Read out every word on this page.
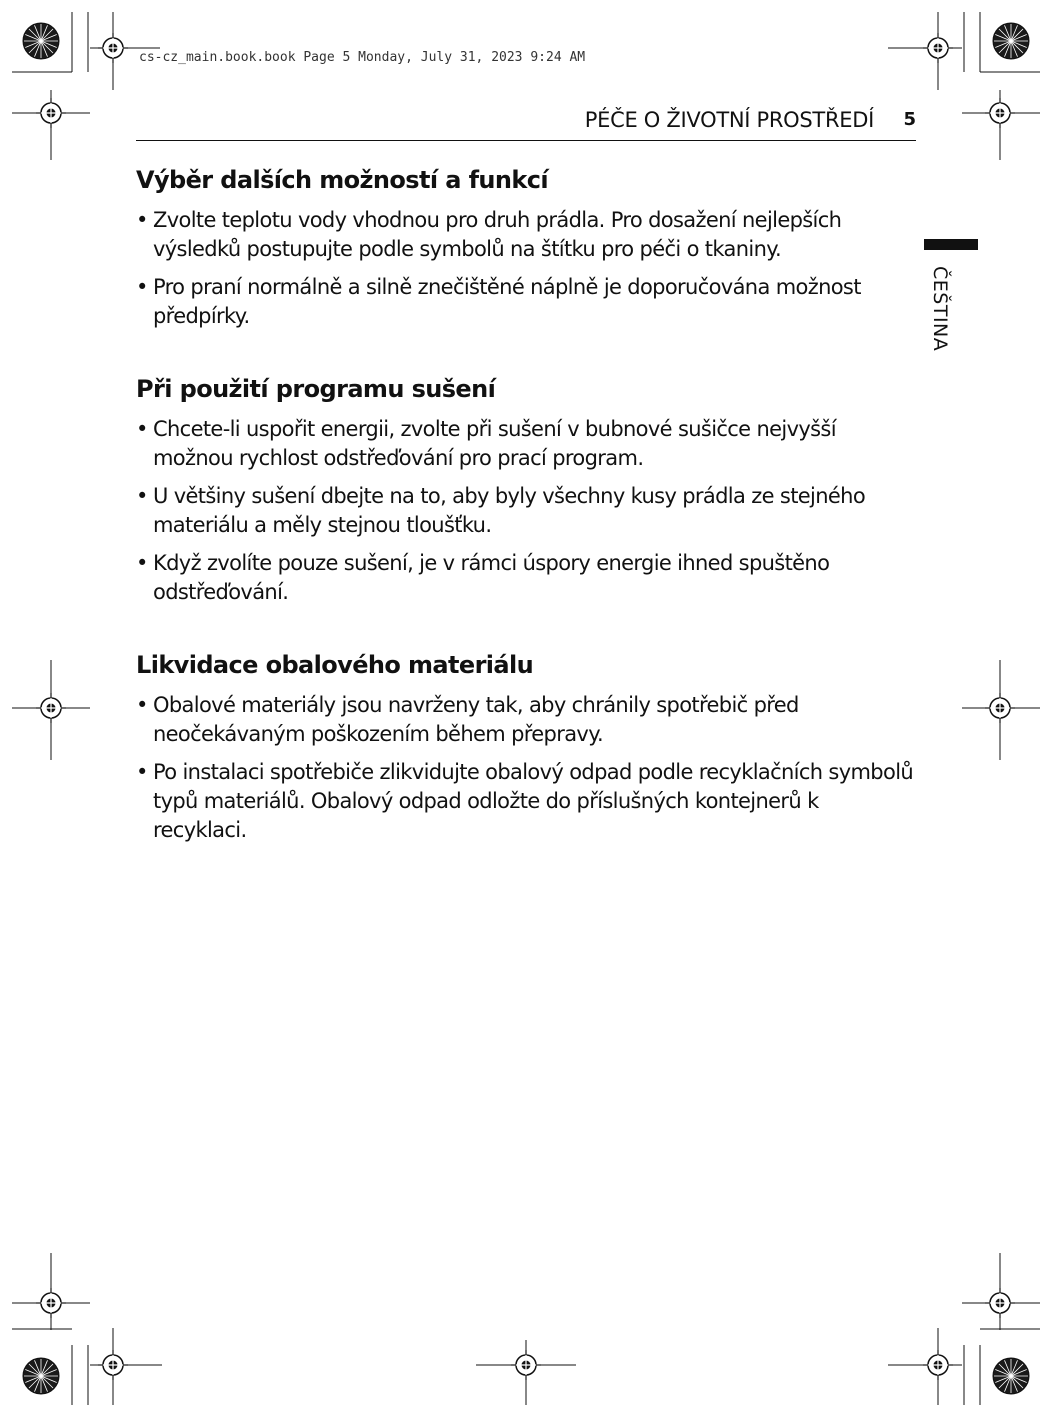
cs-cz_main.book.book Page 5 Monday, July 31, 2023 9:24 AM
PÉČE O ŽIVOTNÍ PROSTŘEDÍ 5
ČEŠTINA
Výběr dalších možností a funkcí
• Zvolte teplotu vody vhodnou pro druh prádla. Pro dosažení nejlepších výsledků postupujte podle symbolů na štítku pro péči o tkaniny.
• Pro praní normálně a silně znečištěné náplně je doporučována možnost předpírky.
Při použití programu sušení
• Chcete-li uspořit energii, zvolte při sušení v bubnové sušičce nejvyšší možnou rychlost odstřeďování pro prací program.
• U většiny sušení dbejte na to, aby byly všechny kusy prádla ze stejného materiálu a měly stejnou tloušťku.
• Když zvolíte pouze sušení, je v rámci úspory energie ihned spuštěno odstřeďování.
Likvidace obalového materiálu
• Obalové materiály jsou navrženy tak, aby chránily spotřebič před neočekávaným poškozením během přepravy.
• Po instalaci spotřebiče zlikvidujte obalový odpad podle recyklačních symbolů typů materiálů. Obalový odpad odložte do příslušných kontejnerů k recyklaci.
